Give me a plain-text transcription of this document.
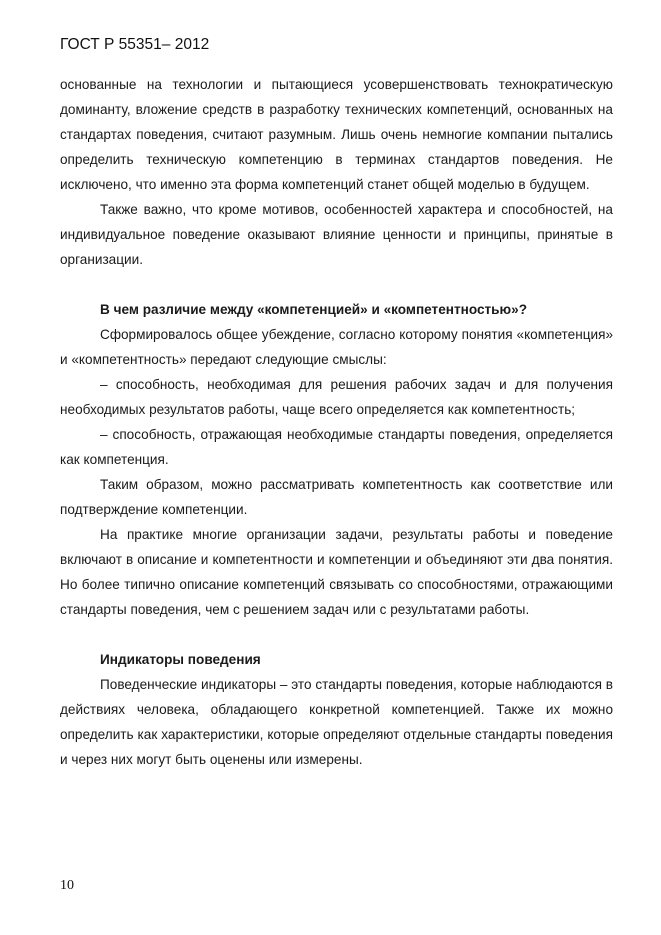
ГОСТ Р 55351– 2012

основанные на технологии и пытающиеся усовершенствовать технократическую доминанту, вложение средств в разработку технических компетенций, основанных на стандартах поведения, считают разумным. Лишь очень немногие компании пытались определить техническую компетенцию в терминах стандартов поведения. Не исключено, что именно эта форма компетенций станет общей моделью в будущем.

Также важно, что кроме мотивов, особенностей характера и способностей, на индивидуальное поведение оказывают влияние ценности и принципы, принятые в организации.

В чем различие между «компетенцией» и «компетентностью»?

Сформировалось общее убеждение, согласно которому понятия «компетенция» и «компетентность» передают следующие смыслы:

– способность, необходимая для решения рабочих задач и для получения необходимых результатов работы, чаще всего определяется как компетентность;

– способность, отражающая необходимые стандарты поведения, определяется как компетенция.

Таким образом, можно рассматривать компетентность как соответствие или подтверждение компетенции.

На практике многие организации задачи, результаты работы и поведение включают в описание и компетентности и компетенции и объединяют эти два понятия. Но более типично описание компетенций связывать со способностями, отражающими стандарты поведения, чем с решением задач или с результатами работы.

Индикаторы поведения

Поведенческие индикаторы – это стандарты поведения, которые наблюдаются в действиях человека, обладающего конкретной компетенцией. Также их можно определить как характеристики, которые определяют отдельные стандарты поведения и через них могут быть оценены или измерены.

10
